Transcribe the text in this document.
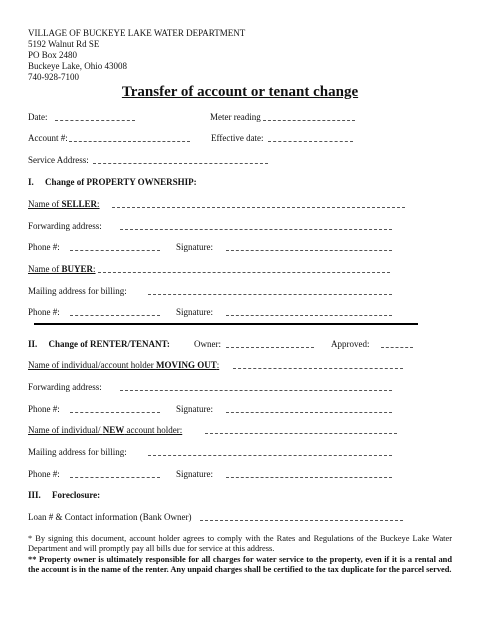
VILLAGE OF BUCKEYE LAKE WATER DEPARTMENT
5192 Walnut Rd SE
PO Box 2480
Buckeye Lake, Ohio 43008
740-928-7100
Transfer of account or tenant change
Date:	Meter reading
Account #:	Effective date:
Service Address:
I. Change of PROPERTY OWNERSHIP:
Name of SELLER:
Forwarding address:
Phone #:	Signature:
Name of BUYER:
Mailing address for billing:
Phone #:	Signature:
II. Change of RENTER/TENANT:	Owner:	Approved:
Name of individual/account holder MOVING OUT:
Forwarding address:
Phone #:	Signature:
Name of individual/ NEW account holder:
Mailing address for billing:
Phone #:	Signature:
III. Foreclosure:
Loan # & Contact information (Bank Owner)
* By signing this document, account holder agrees to comply with the Rates and Regulations of the Buckeye Lake Water Department and will promptly pay all bills due for service at this address.
** Property owner is ultimately responsible for all charges for water service to the property, even if it is a rental and the account is in the name of the renter. Any unpaid charges shall be certified to the tax duplicate for the parcel served.
